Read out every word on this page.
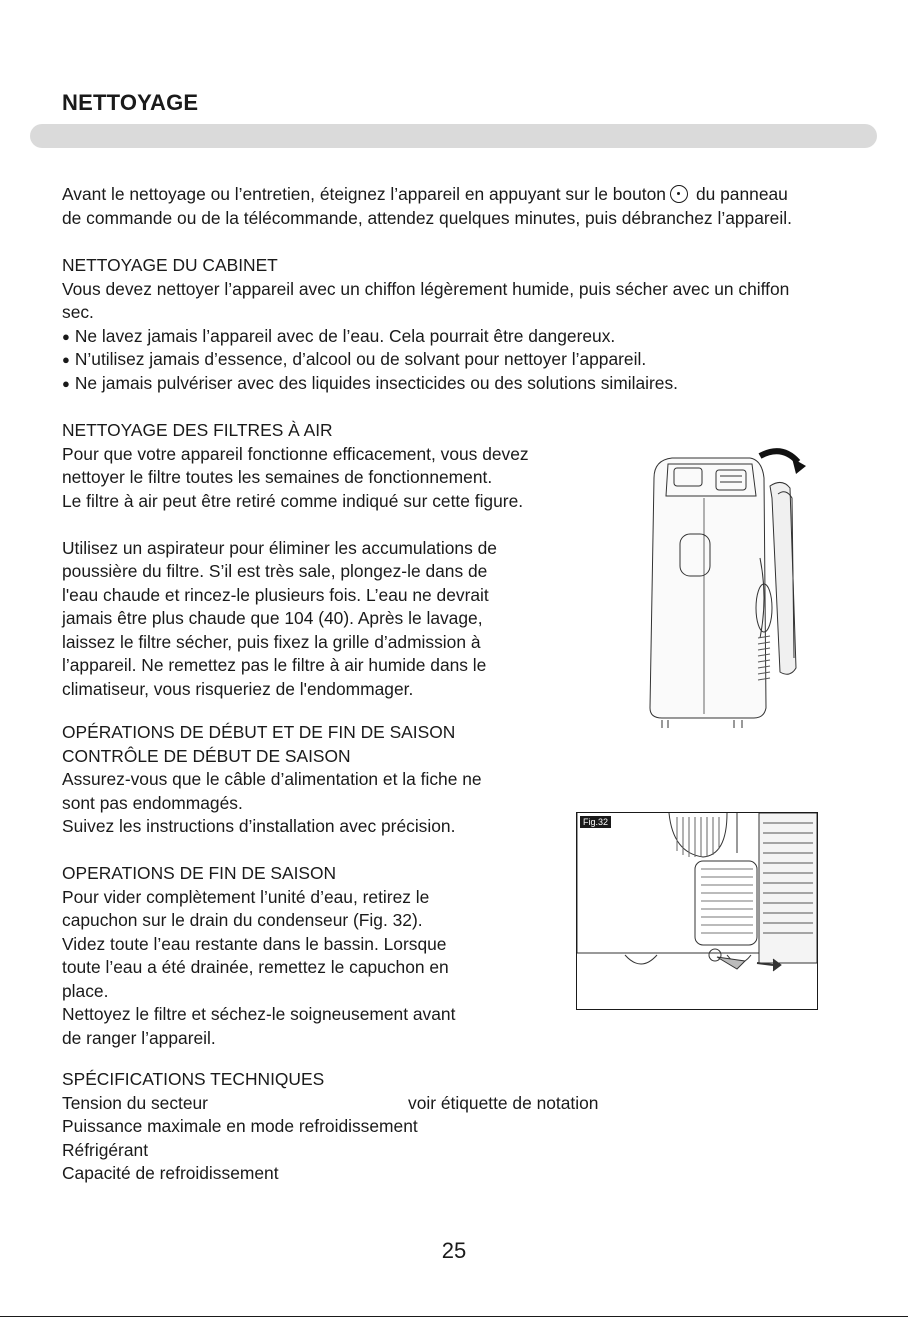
NETTOYAGE
Avant le nettoyage ou l’entretien, éteignez l’appareil en appuyant sur le bouton du panneau
de commande ou de la télécommande, attendez quelques minutes, puis débranchez l’appareil.
NETTOYAGE DU CABINET
Vous devez nettoyer l’appareil avec un chiffon légèrement humide, puis sécher avec un chiffon
sec.
● Ne lavez jamais l’appareil avec de l’eau. Cela pourrait être dangereux.
● N’utilisez jamais d’essence, d’alcool ou de solvant pour nettoyer l’appareil.
● Ne jamais pulvériser avec des liquides insecticides ou des solutions similaires.
NETTOYAGE DES FILTRES À AIR
Pour que votre appareil fonctionne efficacement, vous devez
nettoyer le filtre toutes les semaines de fonctionnement.
Le filtre à air peut être retiré comme indiqué sur cette figure.
Utilisez un aspirateur pour éliminer les accumulations de
poussière du filtre. S’il est très sale, plongez-le dans de
l'eau chaude et rincez-le plusieurs fois. L’eau ne devrait
jamais être plus chaude que 104 (40). Après le lavage,
laissez le filtre sécher, puis fixez la grille d’admission à
l’appareil. Ne remettez pas le filtre à air humide dans le
climatiseur, vous risqueriez de l'endommager.
OPÉRATIONS DE DÉBUT ET DE FIN DE SAISON
CONTRÔLE DE DÉBUT DE SAISON
Assurez-vous que le câble d’alimentation et la fiche ne
sont pas endommagés.
Suivez les instructions d’installation avec précision.
OPERATIONS DE FIN DE SAISON
Pour vider complètement l’unité d’eau, retirez le
capuchon sur le drain du condenseur (Fig. 32).
Videz toute l’eau restante dans le bassin. Lorsque
toute l’eau a été drainée, remettez le capuchon en
place.
Nettoyez le filtre et séchez-le soigneusement avant
de ranger l’appareil.
SPÉCIFICATIONS TECHNIQUES
Tension du secteur	voir étiquette de notation
Puissance maximale en mode refroidissement
Réfrigérant
Capacité de refroidissement
Fig.32
25
